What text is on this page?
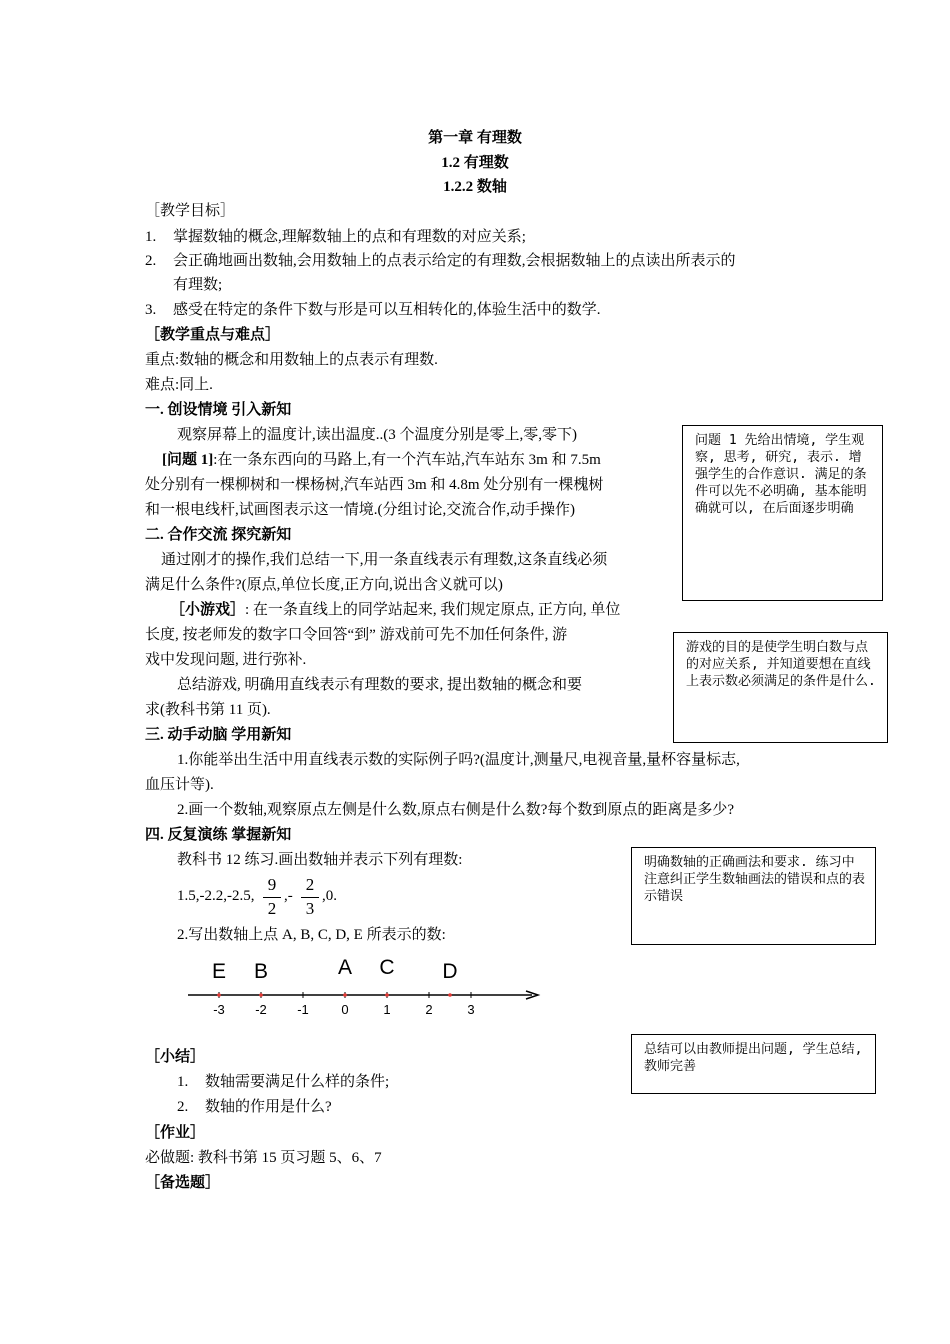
第一章 有理数
1.2 有理数
1.2.2 数轴
［教学目标］
1. 掌握数轴的概念,理解数轴上的点和有理数的对应关系;
2. 会正确地画出数轴,会用数轴上的点表示给定的有理数,会根据数轴上的点读出所表示的
有理数;
3. 感受在特定的条件下数与形是可以互相转化的,体验生活中的数学.
［教学重点与难点］
重点:数轴的概念和用数轴上的点表示有理数.
难点:同上.
一. 创设情境 引入新知
观察屏幕上的温度计,读出温度..(3 个温度分别是零上,零,零下)
[问题 1]:在一条东西向的马路上,有一个汽车站,汽车站东 3m 和 7.5m
处分别有一棵柳树和一棵杨树,汽车站西 3m 和 4.8m 处分别有一棵槐树
和一根电线杆,试画图表示这一情境.(分组讨论,交流合作,动手操作)
二. 合作交流 探究新知
通过刚才的操作,我们总结一下,用一条直线表示有理数,这条直线必须
满足什么条件?(原点,单位长度,正方向,说出含义就可以)
［小游戏］: 在一条直线上的同学站起来, 我们规定原点, 正方向, 单位
长度, 按老师发的数字口令回答“到” 游戏前可先不加任何条件, 游
戏中发现问题, 进行弥补.
总结游戏, 明确用直线表示有理数的要求, 提出数轴的概念和要
求(教科书第 11 页).
三. 动手动脑 学用新知
1.你能举出生活中用直线表示数的实际例子吗?(温度计,测量尺,电视音量,量杯容量标志,
血压计等).
2.画一个数轴,观察原点左侧是什么数,原点右侧是什么数?每个数到原点的距离是多少?
四. 反复演练 掌握新知
教科书 12 练习.画出数轴并表示下列有理数:
1.5,-2.2,-2.5,
9
2
,-
2
3
,0.
2.写出数轴上点 A, B, C, D, E 所表示的数:
-3	-2	-1	0	1	2	3
E B	A C D
［小结］
1. 数轴需要满足什么样的条件;
2. 数轴的作用是什么?
［作业］
必做题: 教科书第 15 页习题 5、6、7
［备选题］
问题 1 先给出情境, 学生观察, 思考, 研究, 表示. 增强学生的合作意识. 满足的条件可以先不必明确, 基本能明确就可以, 在后面逐步明确
游戏的目的是使学生明白数与点的对应关系, 并知道要想在直线上表示数必须满足的条件是什么.
明确数轴的正确画法和要求. 练习中注意纠正学生数轴画法的错误和点的表示错误
总结可以由教师提出问题, 学生总结, 教师完善
